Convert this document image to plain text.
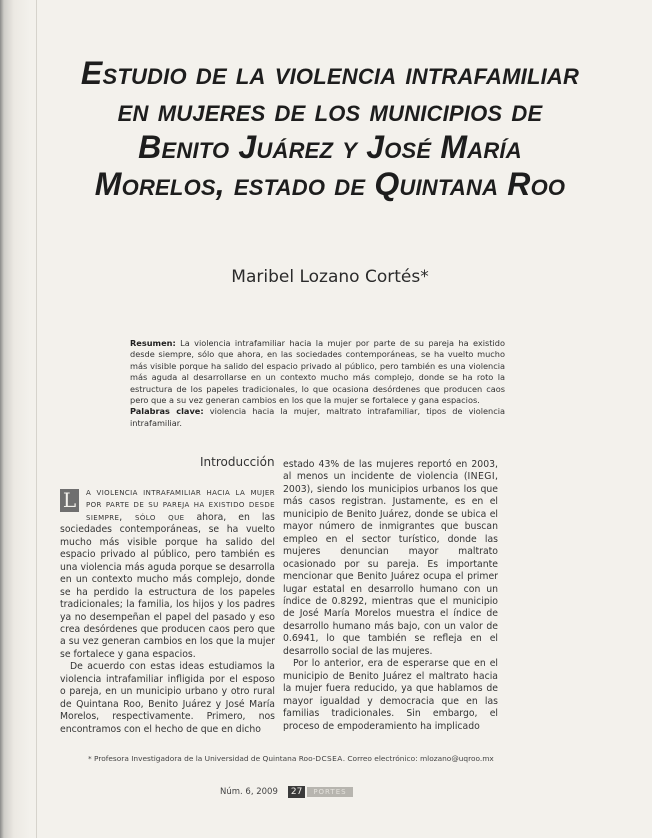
Estudio de la violencia intrafamiliar en mujeres de los municipios de Benito Juárez y José María Morelos, estado de Quintana Roo
Maribel Lozano Cortés*

Resumen: La violencia intrafamiliar hacia la mujer por parte de su pareja ha existido desde siempre, sólo que ahora, en las sociedades contemporáneas, se ha vuelto mucho más visible porque ha salido del espacio privado al público, pero también es una violencia más aguda al desarrollarse en un contexto mucho más complejo, donde se ha roto la estructura de los papeles tradicionales, lo que ocasiona desórdenes que producen caos pero que a su vez generan cambios en los que la mujer se fortalece y gana espacios.

Palabras clave: violencia hacia la mujer, maltrato intrafamiliar, tipos de violencia intrafamiliar.

Introducción

L	a violencia intrafamiliar hacia la mujer por parte de su pareja ha existido desde siempre, sólo que ahora, en las sociedades contemporáneas, se ha vuelto mucho más visible porque ha salido del espacio privado al público, pero también es una violencia más aguda porque se desarrolla en un contexto mucho más complejo, donde se ha perdido la estructura de los papeles tradicionales; la familia, los hijos y los padres ya no desempeñan el papel del pasado y eso crea desórdenes que producen caos pero que a su vez generan cambios en los que la mujer se fortalece y gana espacios.

De acuerdo con estas ideas estudiamos la violencia intrafamiliar infligida por el esposo o pareja, en un municipio urbano y otro rural de Quintana Roo, Benito Juárez y José María Morelos, respectivamente. Primero, nos encontramos con el hecho de que en dicho

estado 43% de las mujeres reportó en 2003, al menos un incidente de violencia (INEGI, 2003), siendo los municipios urbanos los que más casos registran. Justamente, es en el municipio de Benito Juárez, donde se ubica el mayor número de inmigrantes que buscan empleo en el sector turístico, donde las mujeres denuncian mayor maltrato ocasionado por su pareja. Es importante mencionar que Benito Juárez ocupa el primer lugar estatal en desarrollo humano con un índice de 0.8292, mientras que el municipio de José María Morelos muestra el índice de desarrollo humano más bajo, con un valor de 0.6941, lo que también se refleja en el desarrollo social de las mujeres.

Por lo anterior, era de esperarse que en el municipio de Benito Juárez el maltrato hacia la mujer fuera reducido, ya que hablamos de mayor igualdad y democracia que en las familias tradicionales. Sin embargo, el proceso de empoderamiento ha implicado

* Profesora Investigadora de la Universidad de Quintana Roo-DCSEA. Correo electrónico: mlozano@uqroo.mx
Núm. 6, 2009	27	PORTES
